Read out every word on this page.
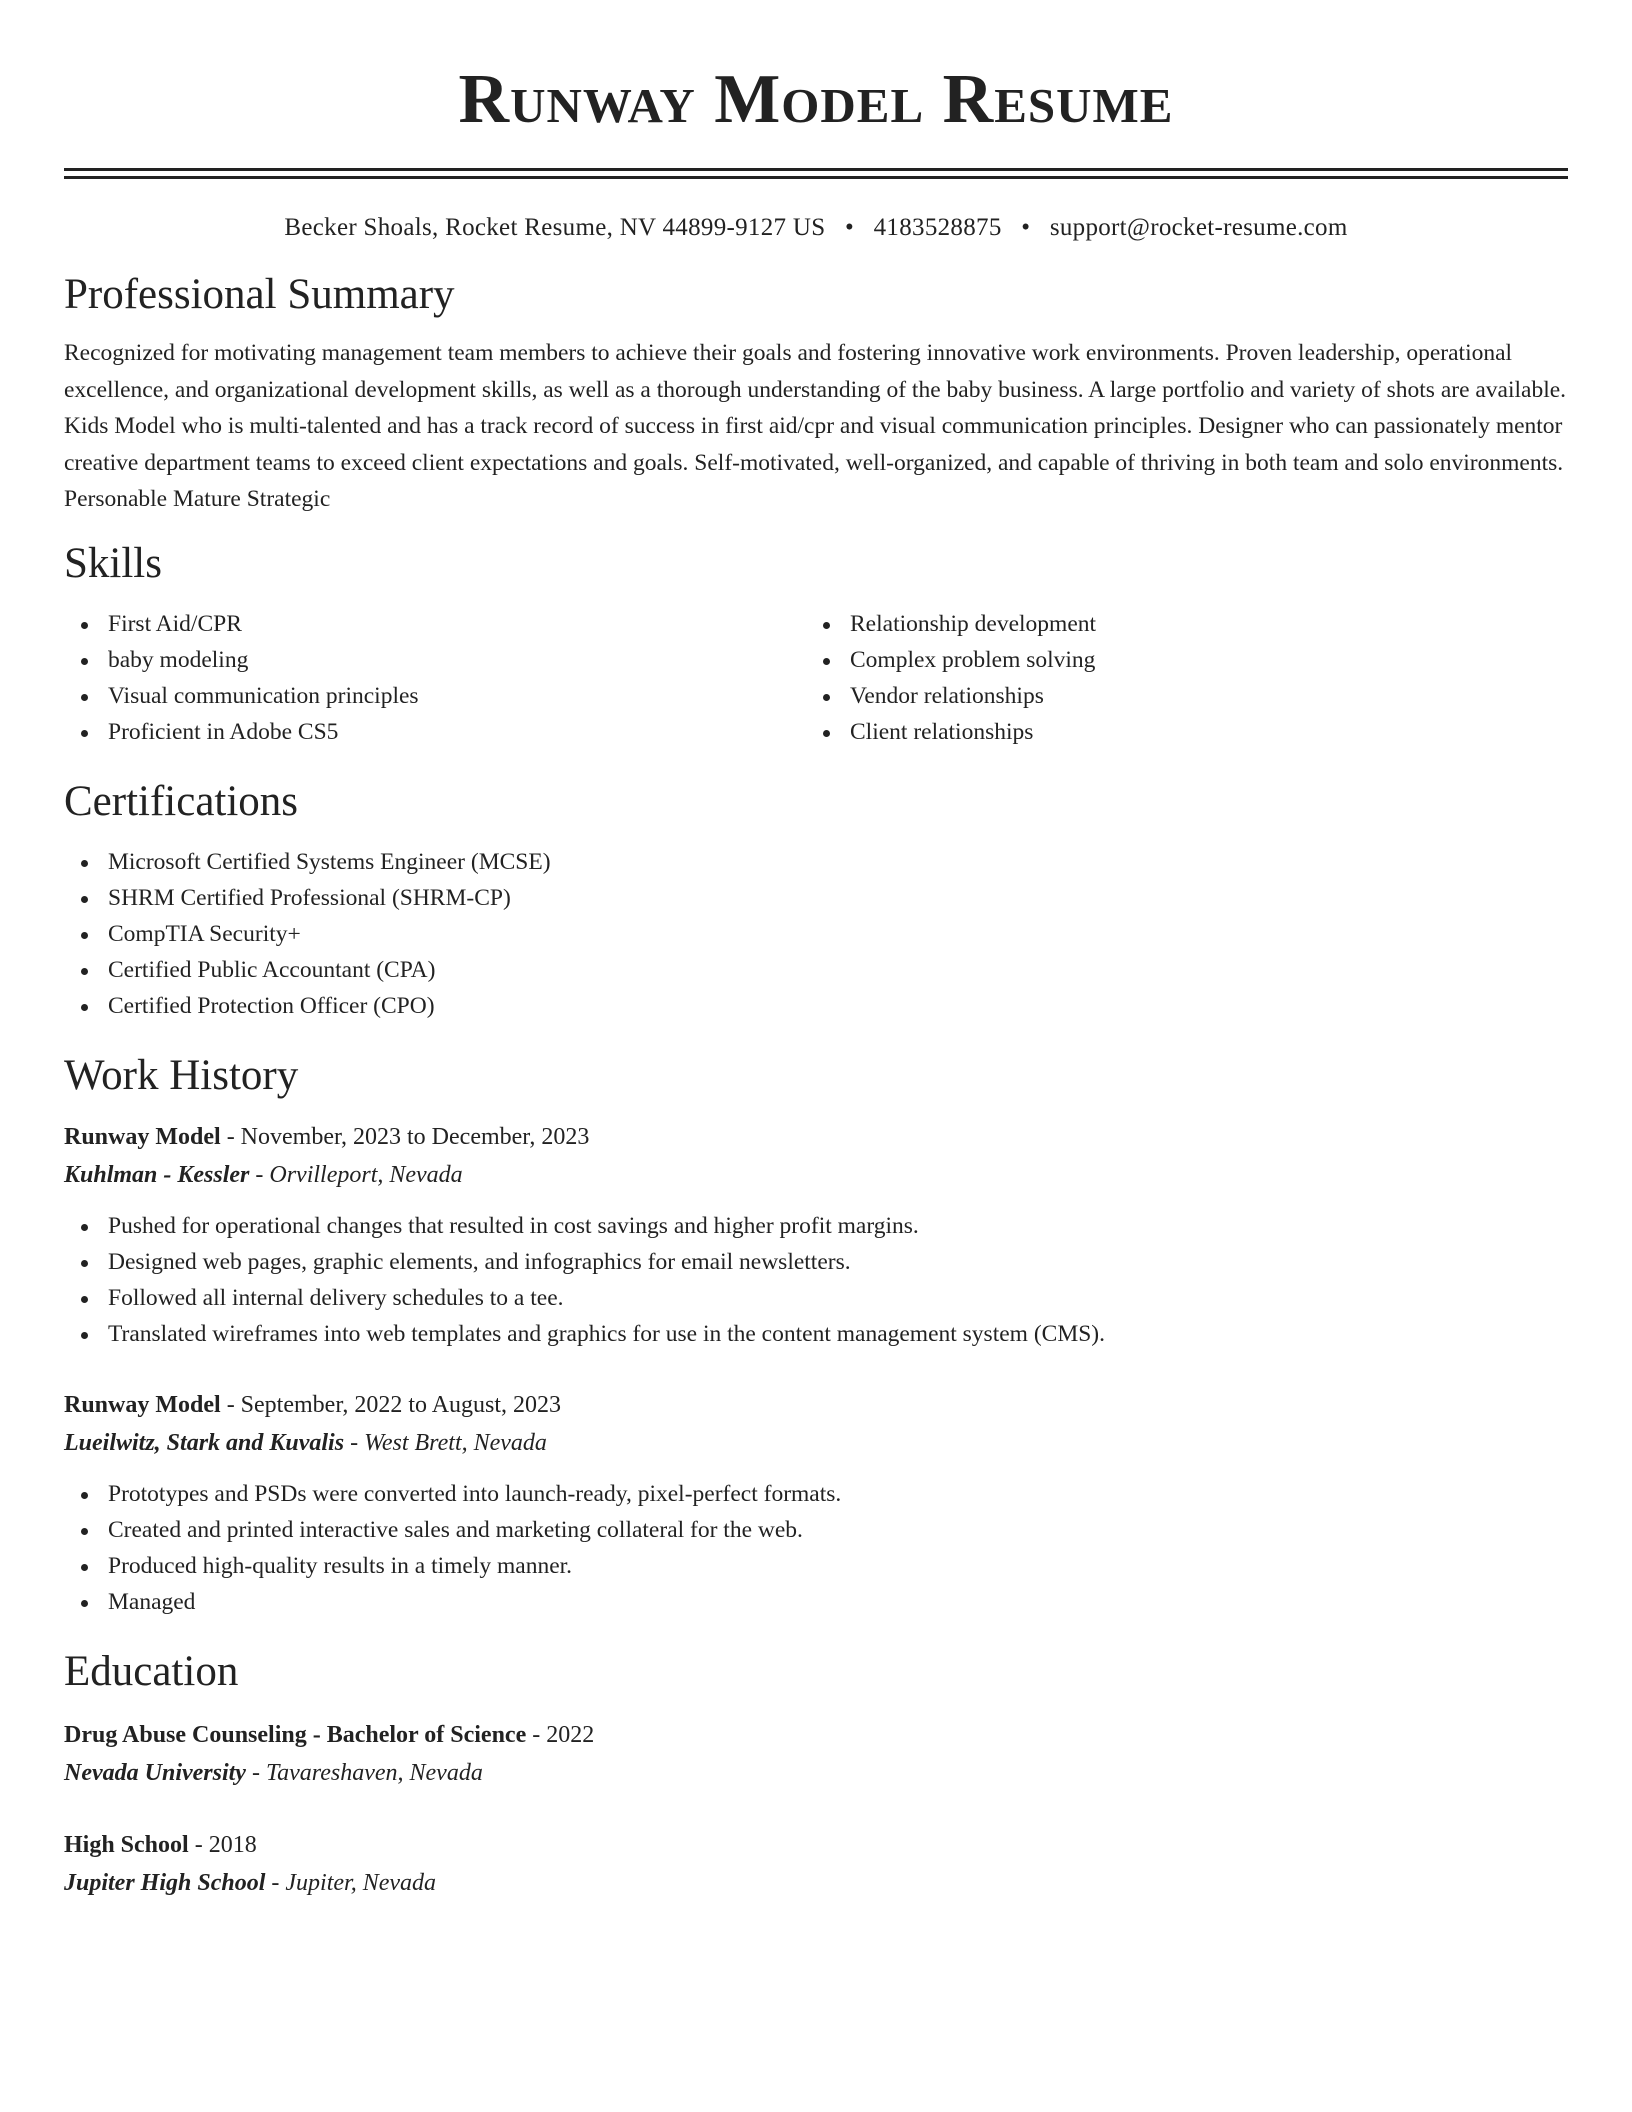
Runway Model Resume
Becker Shoals, Rocket Resume, NV 44899-9127 US • 4183528875 • support@rocket-resume.com
Professional Summary

Recognized for motivating management team members to achieve their goals and fostering innovative work environments. Proven leadership, operational excellence, and organizational development skills, as well as a thorough understanding of the baby business. A large portfolio and variety of shots are available. Kids Model who is multi-talented and has a track record of success in first aid/cpr and visual communication principles. Designer who can passionately mentor creative department teams to exceed client expectations and goals. Self-motivated, well-organized, and capable of thriving in both team and solo environments. Personable Mature Strategic

Skills
First Aid/CPR
baby modeling
Visual communication principles
Proficient in Adobe CS5
Relationship development
Complex problem solving
Vendor relationships
Client relationships
Certifications
Microsoft Certified Systems Engineer (MCSE)
SHRM Certified Professional (SHRM-CP)
CompTIA Security+
Certified Public Accountant (CPA)
Certified Protection Officer (CPO)
Work History
Runway Model - November, 2023 to December, 2023
Kuhlman - Kessler - Orvilleport, Nevada
Pushed for operational changes that resulted in cost savings and higher profit margins.
Designed web pages, graphic elements, and infographics for email newsletters.
Followed all internal delivery schedules to a tee.
Translated wireframes into web templates and graphics for use in the content management system (CMS).
Runway Model - September, 2022 to August, 2023
Lueilwitz, Stark and Kuvalis - West Brett, Nevada
Prototypes and PSDs were converted into launch-ready, pixel-perfect formats.
Created and printed interactive sales and marketing collateral for the web.
Produced high-quality results in a timely manner.
Managed
Education
Drug Abuse Counseling - Bachelor of Science - 2022
Nevada University - Tavareshaven, Nevada
High School - 2018
Jupiter High School - Jupiter, Nevada
